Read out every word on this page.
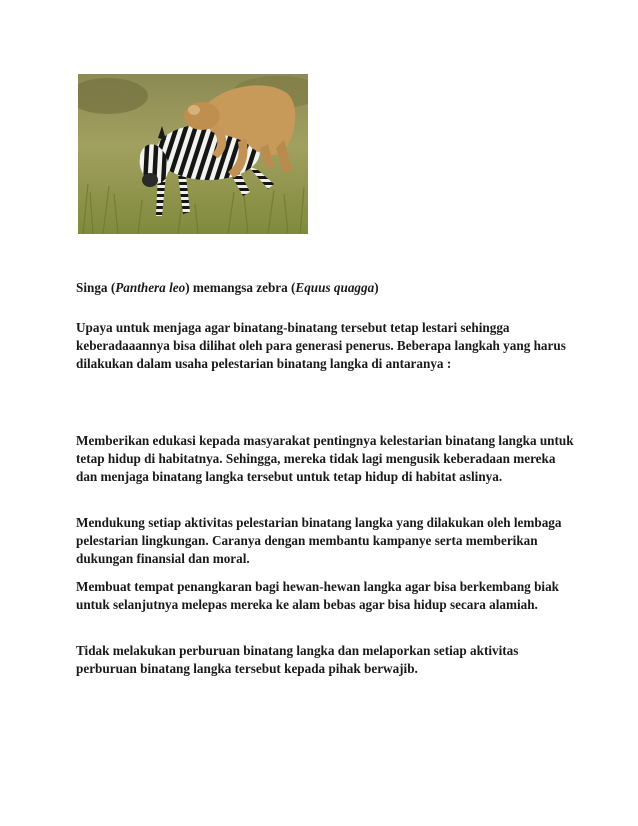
Singa (Panthera leo) memangsa zebra (Equus quagga)

Upaya untuk menjaga agar binatang-binatang tersebut tetap lestari sehingga keberadaaannya bisa dilihat oleh para generasi penerus. Beberapa langkah yang harus dilakukan dalam usaha pelestarian binatang langka di antaranya :

Memberikan edukasi kepada masyarakat pentingnya kelestarian binatang langka untuk tetap hidup di habitatnya. Sehingga, mereka tidak lagi mengusik keberadaan mereka dan menjaga binatang langka tersebut untuk tetap hidup di habitat aslinya.

Mendukung setiap aktivitas pelestarian binatang langka yang dilakukan oleh lembaga pelestarian lingkungan. Caranya dengan membantu kampanye serta memberikan dukungan finansial dan moral.

Membuat tempat penangkaran bagi hewan-hewan langka agar bisa berkembang biak untuk selanjutnya melepas mereka ke alam bebas agar bisa hidup secara alamiah.

Tidak melakukan perburuan binatang langka dan melaporkan setiap aktivitas perburuan binatang langka tersebut kepada pihak berwajib.
